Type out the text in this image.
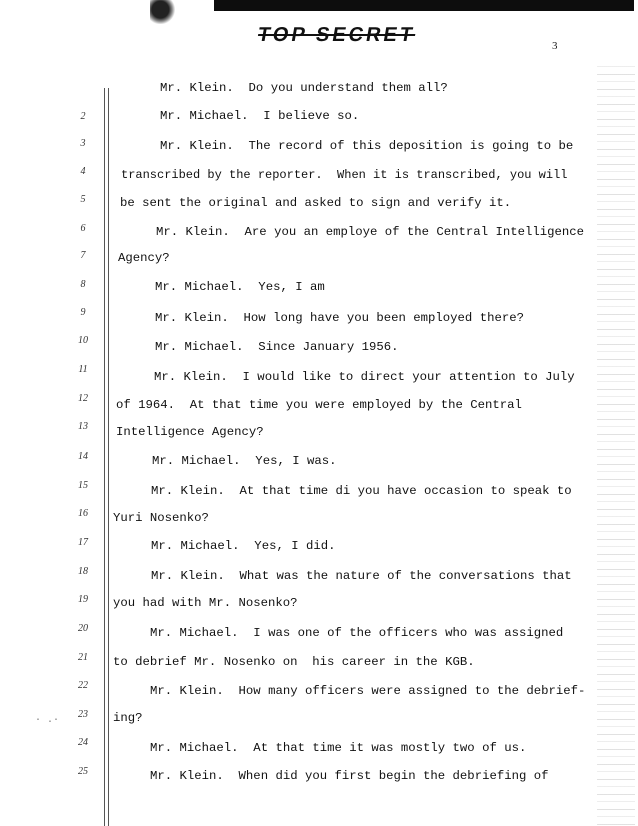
TOP SECRET	3
· .·
2
3
4
5
6
7
8
9
10
11
12
13
14
15
16
17
18
19
20
21
22
23
24
25
Mr. Klein.  Do you understand them all?
Mr. Michael.  I believe so.
Mr. Klein.  The record of this deposition is going to be
transcribed by the reporter.  When it is transcribed, you will
be sent the original and asked to sign and verify it.
Mr. Klein.  Are you an employe of the Central Intelligence
Agency?
Mr. Michael.  Yes, I am
Mr. Klein.  How long have you been employed there?
Mr. Michael.  Since January 1956.
Mr. Klein.  I would like to direct your attention to July
of 1964.  At that time you were employed by the Central
Intelligence Agency?
Mr. Michael.  Yes, I was.
Mr. Klein.  At that time di you have occasion to speak to
Yuri Nosenko?
Mr. Michael.  Yes, I did.
Mr. Klein.  What was the nature of the conversations that
you had with Mr. Nosenko?
Mr. Michael.  I was one of the officers who was assigned
to debrief Mr. Nosenko on  his career in the KGB.
Mr. Klein.  How many officers were assigned to the debrief-
ing?
Mr. Michael.  At that time it was mostly two of us.
Mr. Klein.  When did you first begin the debriefing of
